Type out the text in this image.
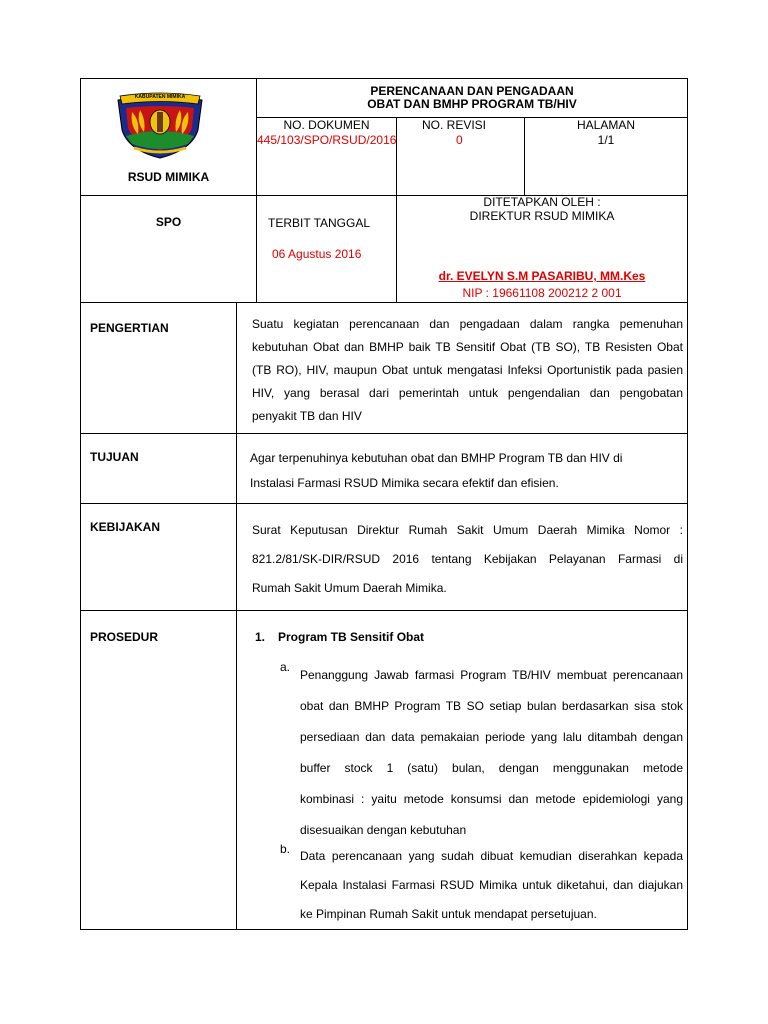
KABUPATEN MIMIKA
RSUD MIMIKA
PERENCANAAN DAN PENGADAAN
OBAT DAN BMHP PROGRAM TB/HIV
NO. DOKUMEN
445/103/SPO/RSUD/2016
NO. REVISI
0
HALAMAN
1/1
SPO	TERBIT TANGGAL
06 Agustus 2016
DITETAPKAN OLEH :
DIREKTUR RSUD MIMIKA
dr. EVELYN S.M PASARIBU, MM.Kes
NIP : 19661108 200212 2 001
PENGERTIAN	Suatu kegiatan perencanaan dan pengadaan dalam rangka pemenuhan
kebutuhan Obat dan BMHP baik TB Sensitif Obat (TB SO), TB Resisten Obat
(TB RO), HIV, maupun Obat untuk mengatasi Infeksi Oportunistik pada pasien
HIV, yang berasal dari pemerintah untuk pengendalian dan pengobatan
penyakit TB dan HIV
TUJUAN	Agar terpenuhinya kebutuhan obat dan BMHP Program TB dan HIV di
Instalasi Farmasi RSUD Mimika secara efektif dan efisien.
KEBIJAKAN	Surat Keputusan Direktur Rumah Sakit Umum Daerah Mimika Nomor :
821.2/81/SK-DIR/RSUD 2016 tentang Kebijakan Pelayanan Farmasi di
Rumah Sakit Umum Daerah Mimika.
PROSEDUR	1. Program TB Sensitif Obat
a.
Penanggung Jawab farmasi Program TB/HIV membuat perencanaan
obat dan BMHP Program TB SO setiap bulan berdasarkan sisa stok
persediaan dan data pemakaian periode yang lalu ditambah dengan
buffer stock 1 (satu) bulan, dengan menggunakan metode
kombinasi : yaitu metode konsumsi dan metode epidemiologi yang
disesuaikan dengan kebutuhan
b. Data perencanaan yang sudah dibuat kemudian diserahkan kepada
Kepala Instalasi Farmasi RSUD Mimika untuk diketahui, dan diajukan
ke Pimpinan Rumah Sakit untuk mendapat persetujuan.
